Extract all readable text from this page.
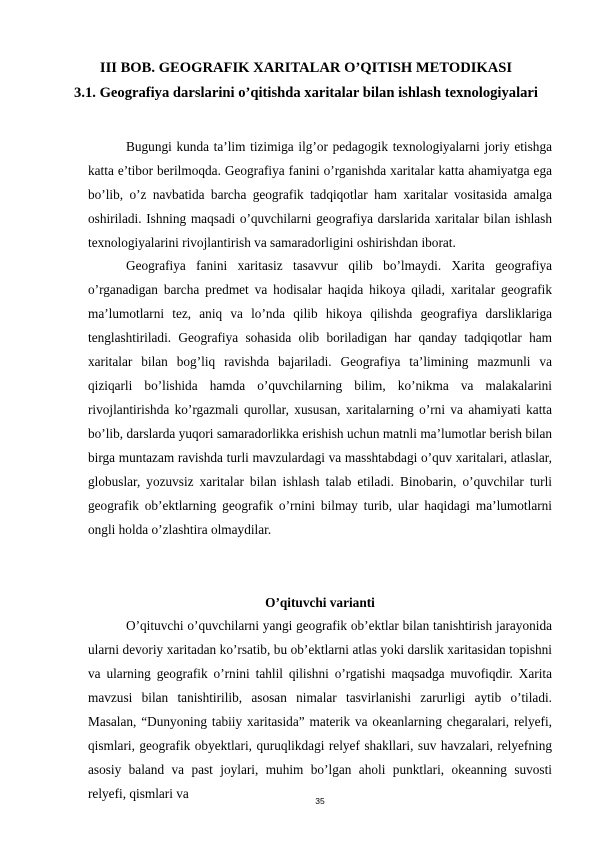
III BOB. GEOGRAFIK XARITALAR O’QITISH METODIKASI
3.1. Geografiya darslarini o’qitishda xaritalar bilan ishlash texnologiyalari

Bugungi kunda ta’lim tizimiga ilg’or pedagogik texnologiyalarni joriy etishga katta e’tibor berilmoqda. Geografiya fanini o’rganishda xaritalar katta ahamiyatga ega bo’lib, o’z navbatida barcha geografik tadqiqotlar ham xaritalar vositasida amalga oshiriladi. Ishning maqsadi o’quvchilarni geografiya darslarida xaritalar bilan ishlash texnologiyalarini rivojlantirish va samaradorligini oshirishdan iborat.

Geografiya fanini xaritasiz tasavvur qilib bo’lmaydi. Xarita geografiya o’rganadigan barcha predmet va hodisalar haqida hikoya qiladi, xaritalar geografik ma’lumotlarni tez, aniq va lo’nda qilib hikoya qilishda geografiya darsliklariga tenglashtiriladi. Geografiya sohasida olib boriladigan har qanday tadqiqotlar ham xaritalar bilan bog’liq ravishda bajariladi. Geografiya ta’limining mazmunli va qiziqarli bo’lishida hamda o’quvchilarning bilim, ko’nikma va malakalarini rivojlantirishda ko’rgazmali qurollar, xususan, xaritalarning o’rni va ahamiyati katta bo’lib, darslarda yuqori samaradorlikka erishish uchun matnli ma’lumotlar berish bilan birga muntazam ravishda turli mavzulardagi va masshtabdagi o’quv xaritalari, atlaslar, globuslar, yozuvsiz xaritalar bilan ishlash talab etiladi. Binobarin, o’quvchilar turli geografik ob’ektlarning geografik o’rnini bilmay turib, ular haqidagi ma’lumotlarni ongli holda o’zlashtira olmaydilar.

O’qituvchi varianti

O’qituvchi o’quvchilarni yangi geografik ob’ektlar bilan tanishtirish jarayonida ularni devoriy xaritadan ko’rsatib, bu ob’ektlarni atlas yoki darslik xaritasidan topishni va ularning geografik o’rnini tahlil qilishni o’rgatishi maqsadga muvofiqdir. Xarita mavzusi bilan tanishtirilib, asosan nimalar tasvirlanishi zarurligi aytib o’tiladi. Masalan, “Dunyoning tabiiy xaritasida” materik va okeanlarning chegaralari, relyefi, qismlari, geografik obyektlari, quruqlikdagi relyef shakllari, suv havzalari, relyefning asosiy baland va past joylari, muhim bo’lgan aholi punktlari, okeanning suvosti relyefi, qismlari va	35
